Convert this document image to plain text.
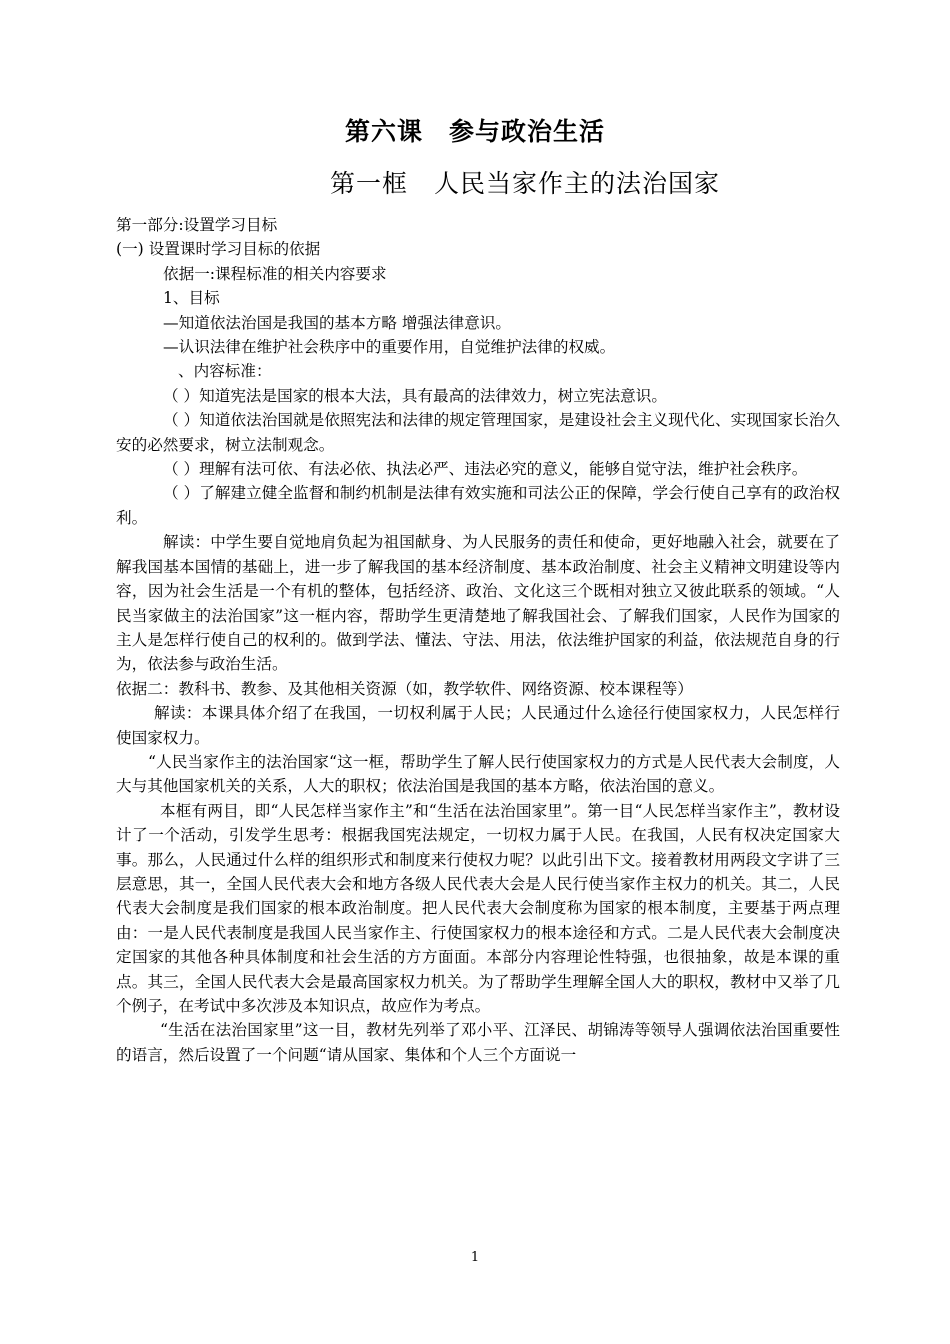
第六课　参与政治生活
第一框　人民当家作主的法治国家

第一部分:设置学习目标

(一) 设置课时学习目标的依据

依据一:课程标准的相关内容要求

1、目标

—知道依法治国是我国的基本方略 增强法律意识。

—认识法律在维护社会秩序中的重要作用，自觉维护法律的权威。

、内容标准：

（ ）知道宪法是国家的根本大法，具有最高的法律效力，树立宪法意识。

（ ）知道依法治国就是依照宪法和法律的规定管理国家，是建设社会主义现代化、实现国家长治久安的必然要求，树立法制观念。

（ ）理解有法可依、有法必依、执法必严、违法必究的意义，能够自觉守法，维护社会秩序。

（ ）了解建立健全监督和制约机制是法律有效实施和司法公正的保障，学会行使自己享有的政治权利。

解读：中学生要自觉地肩负起为祖国献身、为人民服务的责任和使命，更好地融入社会，就要在了解我国基本国情的基础上，进一步了解我国的基本经济制度、基本政治制度、社会主义精神文明建设等内容，因为社会生活是一个有机的整体，包括经济、政治、文化这三个既相对独立又彼此联系的领域。“人民当家做主的法治国家”这一框内容，帮助学生更清楚地了解我国社会、了解我们国家，人民作为国家的主人是怎样行使自己的权利的。做到学法、懂法、守法、用法，依法维护国家的利益，依法规范自身的行为，依法参与政治生活。

依据二：教科书、教参、及其他相关资源（如，教学软件、网络资源、校本课程等）

解读：本课具体介绍了在我国，一切权利属于人民；人民通过什么途径行使国家权力，人民怎样行使国家权力。

“人民当家作主的法治国家“这一框，帮助学生了解人民行使国家权力的方式是人民代表大会制度，人大与其他国家机关的关系，人大的职权；依法治国是我国的基本方略，依法治国的意义。

本框有两目，即“人民怎样当家作主”和“生活在法治国家里”。第一目“人民怎样当家作主”，教材设计了一个活动，引发学生思考：根据我国宪法规定，一切权力属于人民。在我国，人民有权决定国家大事。那么，人民通过什么样的组织形式和制度来行使权力呢？以此引出下文。接着教材用两段文字讲了三层意思，其一，全国人民代表大会和地方各级人民代表大会是人民行使当家作主权力的机关。其二，人民代表大会制度是我们国家的根本政治制度。把人民代表大会制度称为国家的根本制度，主要基于两点理由：一是人民代表制度是我国人民当家作主、行使国家权力的根本途径和方式。二是人民代表大会制度决定国家的其他各种具体制度和社会生活的方方面面。本部分内容理论性特强，也很抽象，故是本课的重点。其三，全国人民代表大会是最高国家权力机关。为了帮助学生理解全国人大的职权，教材中又举了几个例子，在考试中多次涉及本知识点，故应作为考点。

“生活在法治国家里”这一目，教材先列举了邓小平、江泽民、胡锦涛等领导人强调依法治国重要性的语言，然后设置了一个问题“请从国家、集体和个人三个方面说一

1
